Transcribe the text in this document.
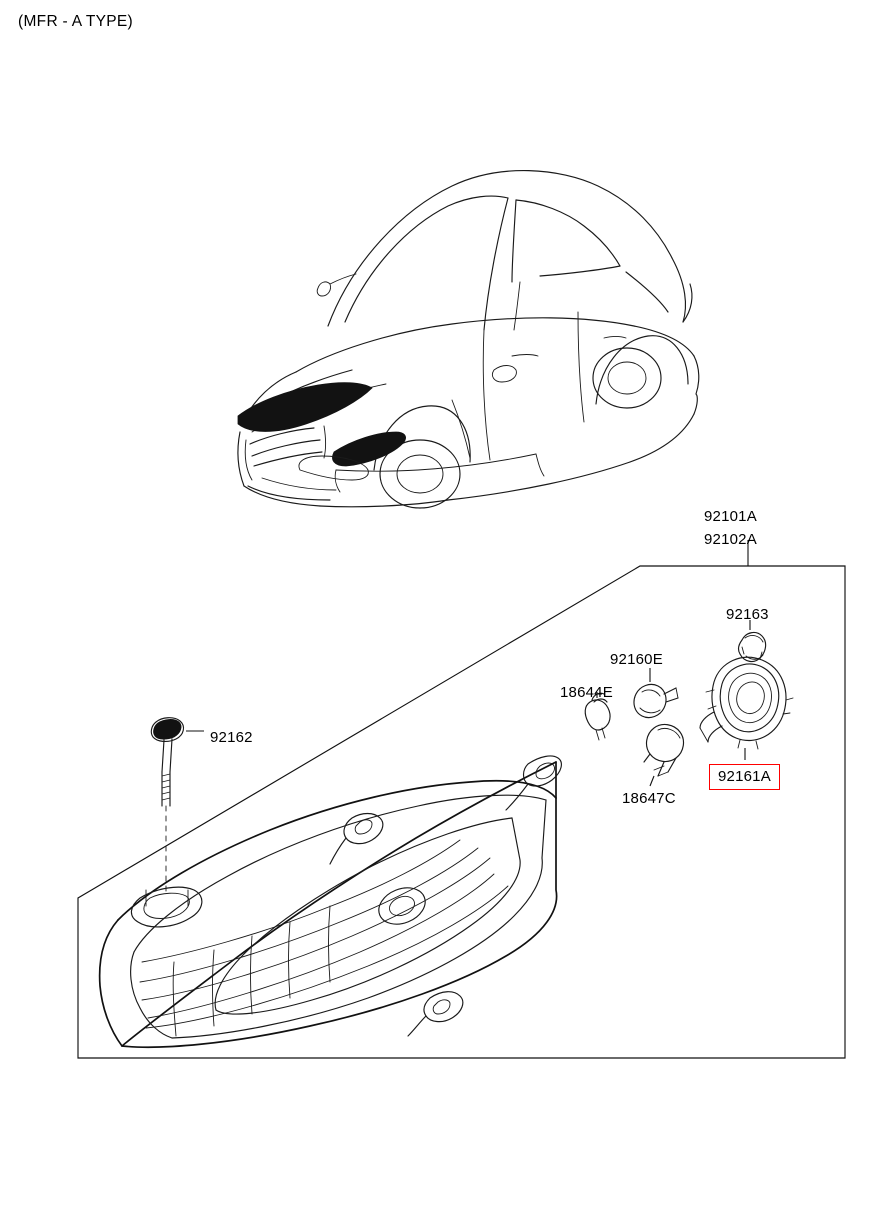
(MFR - A TYPE)
92101A
92102A
92163
92160E
18644E
92162
18647C
92161A
